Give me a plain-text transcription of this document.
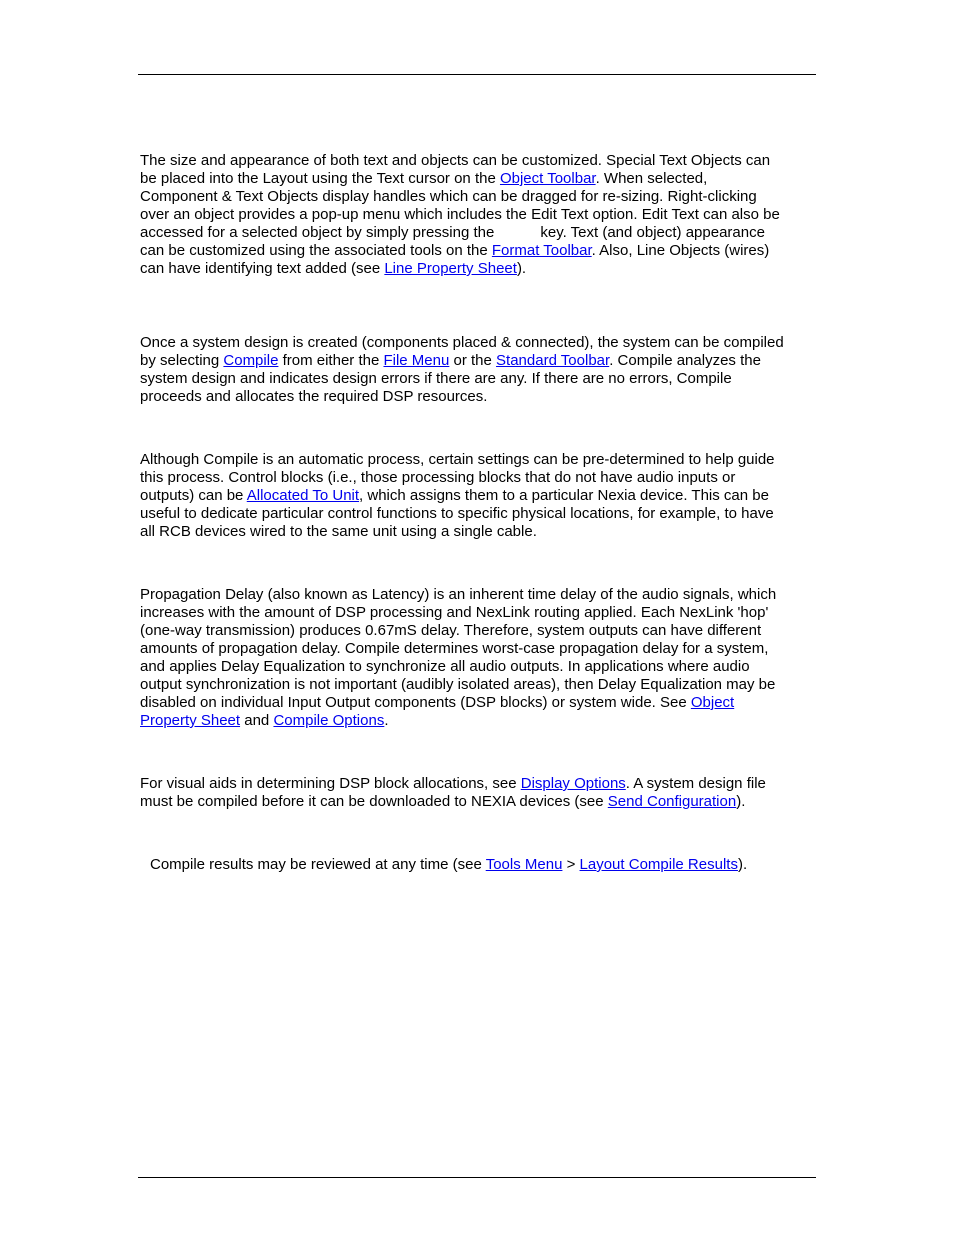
The size and appearance of both text and objects can be customized. Special Text Objects can
be placed into the Layout using the Text cursor on the Object Toolbar. When selected,
Component & Text Objects display handles which can be dragged for re-sizing. Right-clicking
over an object provides a pop-up menu which includes the Edit Text option. Edit Text can also be
accessed for a selected object by simply pressing the	key. Text (and object) appearance
can be customized using the associated tools on the Format Toolbar. Also, Line Objects (wires)
can have identifying text added (see Line Property Sheet).

Once a system design is created (components placed & connected), the system can be compiled
by selecting Compile from either the File Menu or the Standard Toolbar. Compile analyzes the
system design and indicates design errors if there are any. If there are no errors, Compile
proceeds and allocates the required DSP resources.

Although Compile is an automatic process, certain settings can be pre-determined to help guide
this process. Control blocks (i.e., those processing blocks that do not have audio inputs or
outputs) can be Allocated To Unit, which assigns them to a particular Nexia device. This can be
useful to dedicate particular control functions to specific physical locations, for example, to have
all RCB devices wired to the same unit using a single cable.

Propagation Delay (also known as Latency) is an inherent time delay of the audio signals, which
increases with the amount of DSP processing and NexLink routing applied. Each NexLink 'hop'
(one-way transmission) produces 0.67mS delay. Therefore, system outputs can have different
amounts of propagation delay. Compile determines worst-case propagation delay for a system,
and applies Delay Equalization to synchronize all audio outputs. In applications where audio
output synchronization is not important (audibly isolated areas), then Delay Equalization may be
disabled on individual Input Output components (DSP blocks) or system wide. See Object
Property Sheet and Compile Options.

For visual aids in determining DSP block allocations, see Display Options. A system design file
must be compiled before it can be downloaded to NEXIA devices (see Send Configuration).

Compile results may be reviewed at any time (see Tools Menu > Layout Compile Results).
